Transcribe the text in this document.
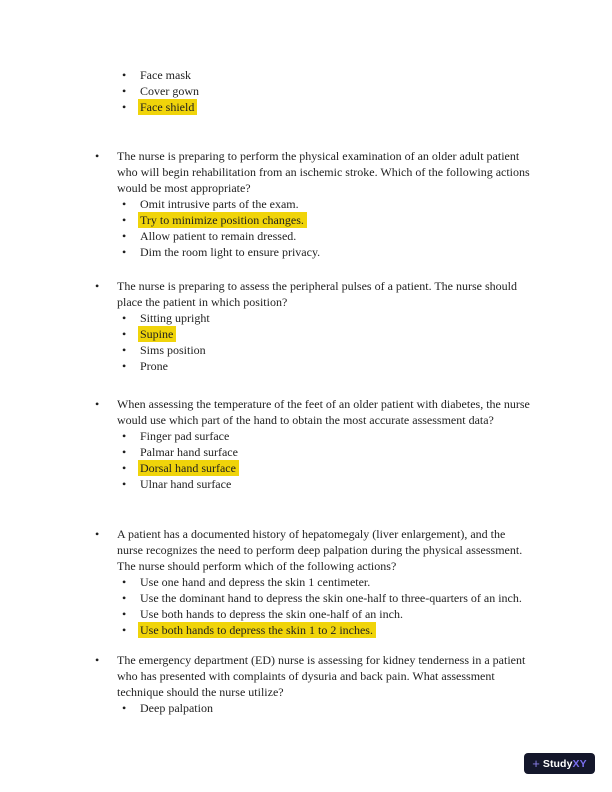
•	Face mask
•	Cover gown
•	Face shield
•	The nurse is preparing to perform the physical examination of an older adult patient who will begin rehabilitation from an ischemic stroke. Which of the following actions would be most appropriate?
•	Omit intrusive parts of the exam.
•	Try to minimize position changes.
•	Allow patient to remain dressed.
•	Dim the room light to ensure privacy.
•	The nurse is preparing to assess the peripheral pulses of a patient. The nurse should place the patient in which position?
•	Sitting upright
•	Supine
•	Sims position
•	Prone
•	When assessing the temperature of the feet of an older patient with diabetes, the nurse would use which part of the hand to obtain the most accurate assessment data?
•	Finger pad surface
•	Palmar hand surface
•	Dorsal hand surface
•	Ulnar hand surface
•	A patient has a documented history of hepatomegaly (liver enlargement), and the nurse recognizes the need to perform deep palpation during the physical assessment. The nurse should perform which of the following actions?
•	Use one hand and depress the skin 1 centimeter.
•	Use the dominant hand to depress the skin one-half to three-quarters of an inch.
•	Use both hands to depress the skin one-half of an inch.
•	Use both hands to depress the skin 1 to 2 inches.
•	The emergency department (ED) nurse is assessing for kidney tenderness in a patient who has presented with complaints of dysuria and back pain. What assessment technique should the nurse utilize?
•	Deep palpation
+ StudyXY
